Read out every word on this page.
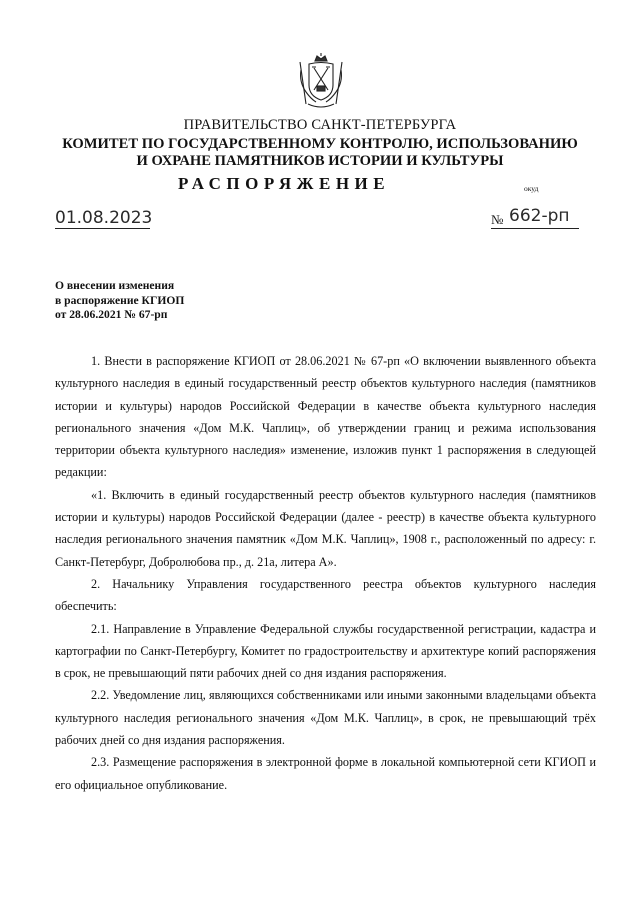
ПРАВИТЕЛЬСТВО САНКТ-ПЕТЕРБУРГА
КОМИТЕТ ПО ГОСУДАРСТВЕННОМУ КОНТРОЛЮ, ИСПОЛЬЗОВАНИЮ
И ОХРАНЕ ПАМЯТНИКОВ ИСТОРИИ И КУЛЬТУРЫ
РАСПОРЯЖЕНИЕ	окуд
01.08.2023	№ 662-рп
О внесении изменения
в распоряжение КГИОП
от 28.06.2021 № 67-рп

1. Внести в распоряжение КГИОП от 28.06.2021 № 67-рп «О включении выявленного объекта культурного наследия в единый государственный реестр объектов культурного наследия (памятников истории и культуры) народов Российской Федерации в качестве объекта культурного наследия регионального значения «Дом М.К. Чаплиц», об утверждении границ и режима использования территории объекта культурного наследия» изменение, изложив пункт 1 распоряжения в следующей редакции:

«1. Включить в единый государственный реестр объектов культурного наследия (памятников истории и культуры) народов Российской Федерации (далее - реестр) в качестве объекта культурного наследия регионального значения памятник «Дом М.К. Чаплиц», 1908 г., расположенный по адресу: г. Санкт-Петербург, Добролюбова пр., д. 21а, литера А».

2. Начальнику Управления государственного реестра объектов культурного наследия обеспечить:

2.1. Направление в Управление Федеральной службы государственной регистрации, кадастра и картографии по Санкт-Петербургу, Комитет по градостроительству и архитектуре копий распоряжения в срок, не превышающий пяти рабочих дней со дня издания распоряжения.

2.2. Уведомление лиц, являющихся собственниками или иными законными владельцами объекта культурного наследия регионального значения «Дом М.К. Чаплиц», в срок, не превышающий трёх рабочих дней со дня издания распоряжения.

2.3. Размещение распоряжения в электронной форме в локальной компьютерной сети КГИОП и его официальное опубликование.
